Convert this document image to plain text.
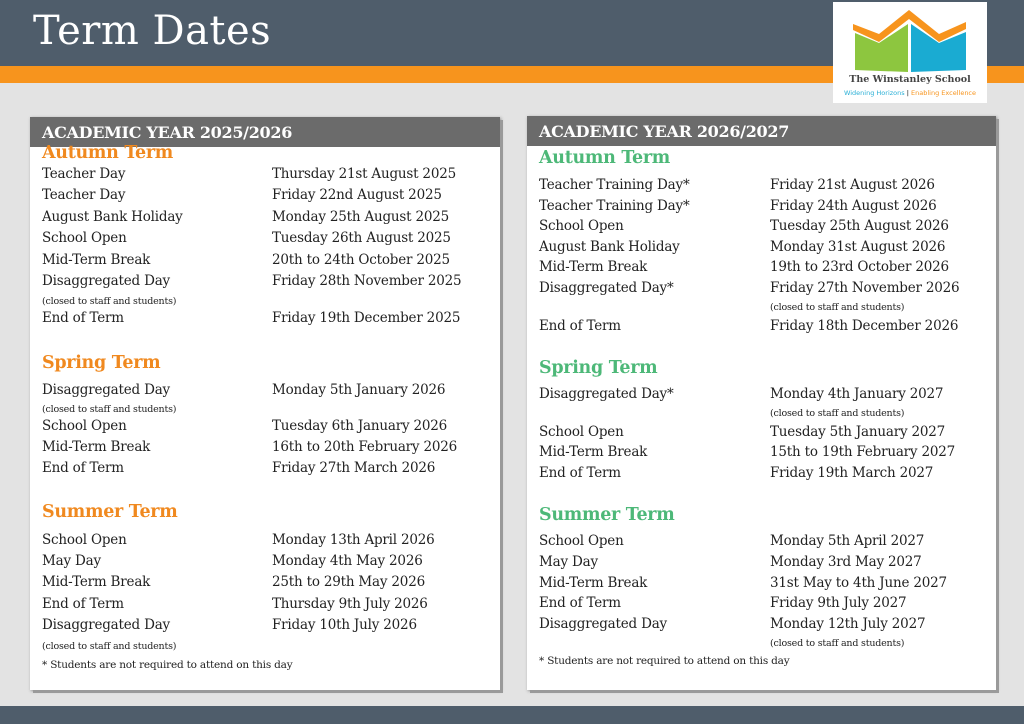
Term Dates
The Winstanley School
Widening Horizons | Enabling Excellence
ACADEMIC YEAR 2025/2026
Autumn Term
Teacher Day	Thursday 21st August 2025
Teacher Day	Friday 22nd August 2025
August Bank Holiday	Monday 25th August 2025
School Open	Tuesday 26th August 2025
Mid-Term Break	20th to 24th October 2025
Disaggregated Day	Friday 28th November 2025
(closed to staff and students)
End of Term	Friday 19th December 2025
Spring Term
Disaggregated Day	Monday 5th January 2026
(closed to staff and students)
School Open	Tuesday 6th January 2026
Mid-Term Break	16th to 20th February 2026
End of Term	Friday 27th March 2026
Summer Term
School Open	Monday 13th April 2026
May Day	Monday 4th May 2026
Mid-Term Break	25th to 29th May 2026
End of Term	Thursday 9th July 2026
Disaggregated Day	Friday 10th July 2026
(closed to staff and students)
* Students are not required to attend on this day
ACADEMIC YEAR 2026/2027
Autumn Term
Teacher Training Day*	Friday 21st August 2026
Teacher Training Day*	Friday 24th August 2026
School Open	Tuesday 25th August 2026
August Bank Holiday	Monday 31st August 2026
Mid-Term Break	19th to 23rd October 2026
Disaggregated Day*	Friday 27th November 2026
(closed to staff and students)
End of Term	Friday 18th December 2026
Spring Term
Disaggregated Day*	Monday 4th January 2027
(closed to staff and students)
School Open	Tuesday 5th January 2027
Mid-Term Break	15th to 19th February 2027
End of Term	Friday 19th March 2027
Summer Term
School Open	Monday 5th April 2027
May Day	Monday 3rd May 2027
Mid-Term Break	31st May to 4th June 2027
End of Term	Friday 9th July 2027
Disaggregated Day	Monday 12th July 2027
(closed to staff and students)
* Students are not required to attend on this day
